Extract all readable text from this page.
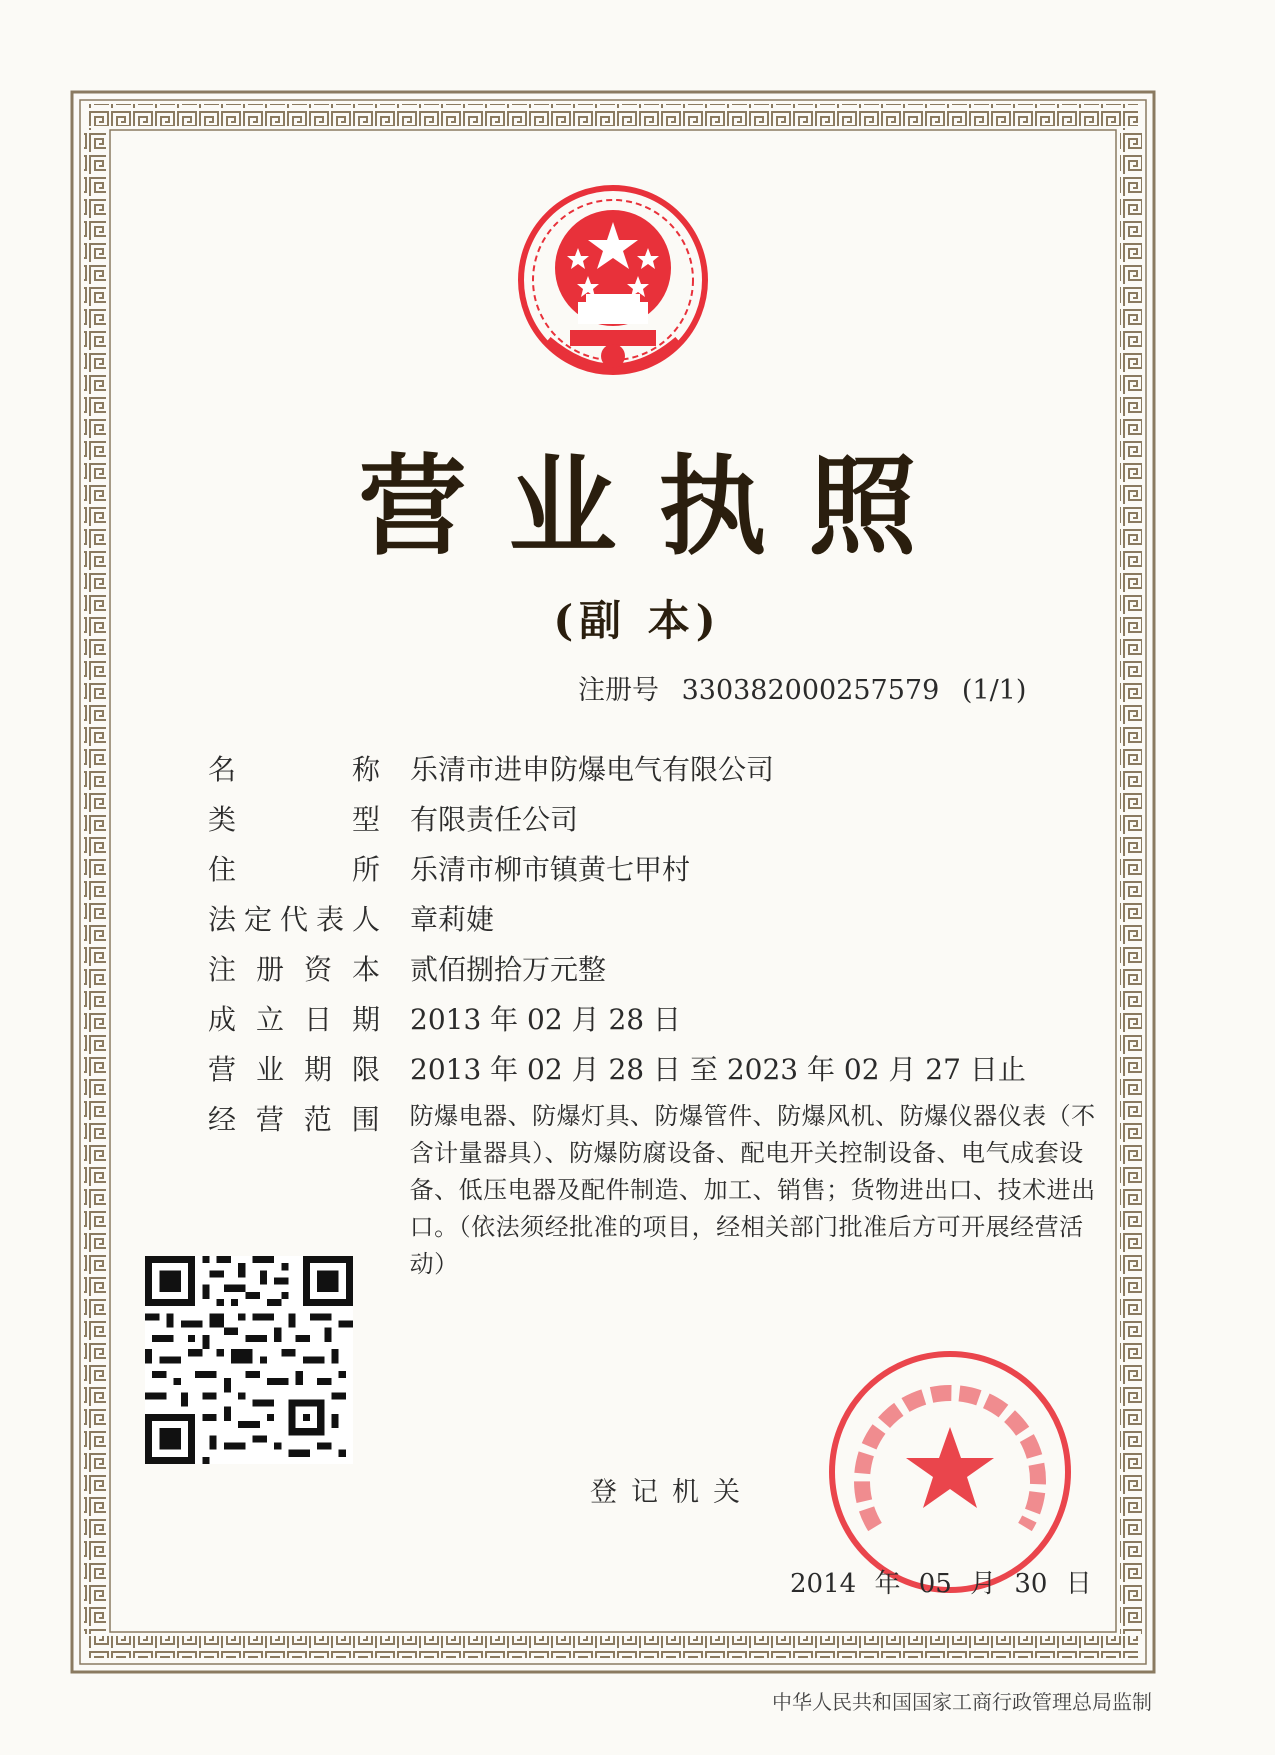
营业执照
(副 本)
注册号 330382000257579 (1/1)
名	称 乐清市进申防爆电气有限公司
类	型 有限责任公司
住	所 乐清市柳市镇黄七甲村
法 定 代 表 人 章莉婕
注 册 资 本 贰佰捌拾万元整
成 立 日 期 2013 年 02 月 28 日
营 业 期 限 2013 年 02 月 28 日 至 2023 年 02 月 27 日止
经 营 范 围 防爆电器、防爆灯具、防爆管件、防爆风机、防爆仪器仪表（不
含计量器具）、防爆防腐设备、配电开关控制设备、电气成套设
备、低压电器及配件制造、加工、销售；货物进出口、技术进出
口。（依法须经批准的项目，经相关部门批准后方可开展经营活
动）
登记机关
2014 年 05 月 30 日
中华人民共和国国家工商行政管理总局监制
